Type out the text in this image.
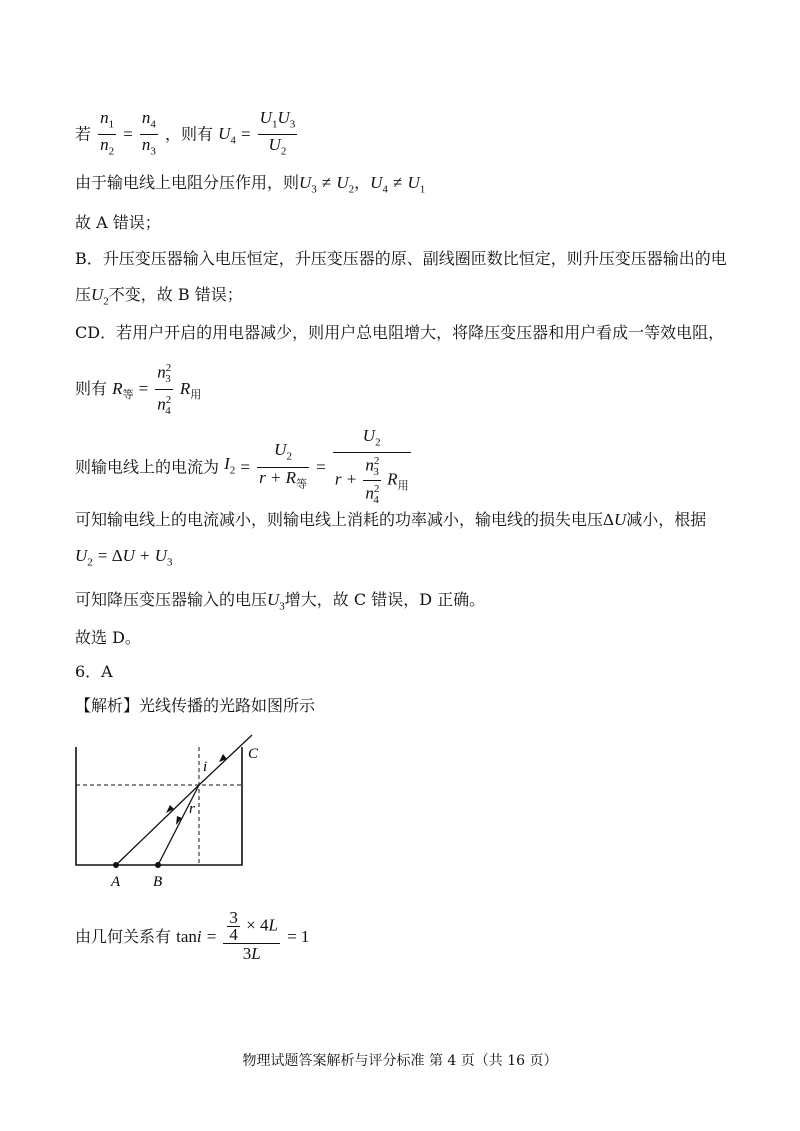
若 $\frac{n_1}{n_2} = \frac{n_4}{n_3}$ ，则有 $U_4 = \frac{U_1U_3}{U_2}$
由于输电线上电阻分压作用，则$U_3 \ne U_2$，$U_4 \ne U_1$
故 A 错误；
B．升压变压器输入电压恒定，升压变压器的原、副线圈匝数比恒定，则升压变压器输出的电
压$U_2$不变，故 B 错误；
CD．若用户开启的用电器减少，则用户总电阻增大，将降压变压器和用户看成一等效电阻，
则有 $R_等 = \frac{n^2_3}{n^2_4} R_用$
则输电线上的电流为 $I_2 = \frac{U_2}{r + R_等} = \frac{U_2}{r + \frac{n^2_3}{n^2_4} R_用}$
可知输电线上的电流减小，则输电线上消耗的功率减小，输电线的损失电压ΔU减小，根据
$U_2 = \Delta U + U_3$
可知降压变压器输入的电压$U_3$增大，故 C 错误，D 正确。
故选 D。
6．A
【解析】光线传播的光路如图所示
A B
C
i
r
由几何关系有 $\tan i = \frac{\frac{3}{4} \times 4L}{3L} = 1$
物理试题答案解析与评分标准 第 4 页（共 16 页）
